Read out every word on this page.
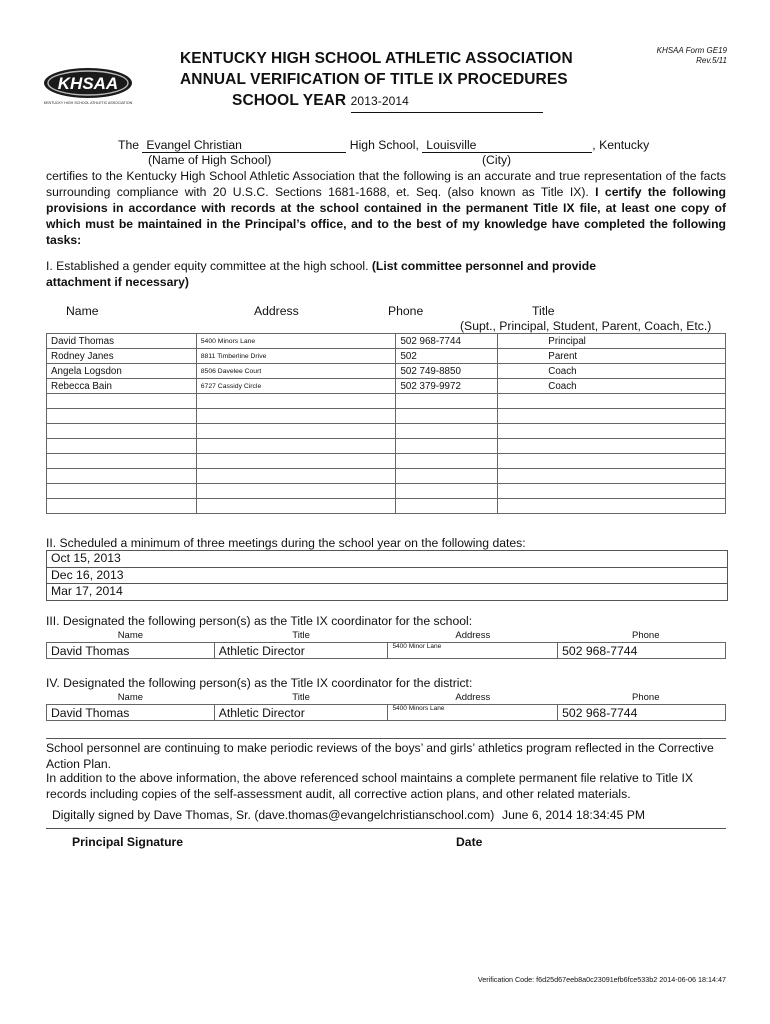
KHSAA
KENTUCKY HIGH SCHOOL ATHLETIC ASSOCIATION
KENTUCKY HIGH SCHOOL ATHLETIC ASSOCIATION
ANNUAL VERIFICATION OF TITLE IX PROCEDURES
SCHOOL YEAR 2013-2014
KHSAA Form GE19
Rev.5/11
The Evangel Christian	High School, Louisville	, Kentucky
(Name of High School)	(City)
certifies to the Kentucky High School Athletic Association that the following is an accurate and true representation of the facts surrounding compliance with 20 U.S.C. Sections 1681-1688, et. Seq. (also known as Title IX). I certify the following provisions in accordance with records at the school contained in the permanent Title IX file, at least one copy of which must be maintained in the Principal’s office, and to the best of my knowledge have completed the following tasks:
I. Established a gender equity committee at the high school. (List committee personnel and provide attachment if necessary)
Name	Address	Phone	Title
(Supt., Principal, Student, Parent, Coach, Etc.)
David Thomas	5400 Minors Lane	502 968-7744	Principal
Rodney Janes	8811 Timberline Drive	502	Parent
Angela Logsdon	8506 Davelee Court	502 749-8850	Coach
Rebecca Bain	6727 Cassidy Circle	502 379-9972	Coach

II. Scheduled a minimum of three meetings during the school year on the following dates:
Oct 15, 2013
Dec 16, 2013
Mar 17, 2014
III. Designated the following person(s) as the Title IX coordinator for the school:
Name	Title	Address	Phone
David Thomas	Athletic Director	5400 Minor Lane	502 968-7744
IV. Designated the following person(s) as the Title IX coordinator for the district:
Name	Title	Address	Phone
David Thomas	Athletic Director	5400 Minors Lane	502 968-7744
School personnel are continuing to make periodic reviews of the boys’ and girls’ athletics program reflected in the Corrective Action Plan.
In addition to the above information, the above referenced school maintains a complete permanent file relative to Title IX records including copies of the self-assessment audit, all corrective action plans, and other related materials.
Digitally signed by Dave Thomas, Sr. (dave.thomas@evangelchristianschool.com) June 6, 2014 18:34:45 PM
Principal Signature	Date
Verification Code: f6d25d67eeb8a0c23091efb6fce533b2 2014-06-06 18:14:47
